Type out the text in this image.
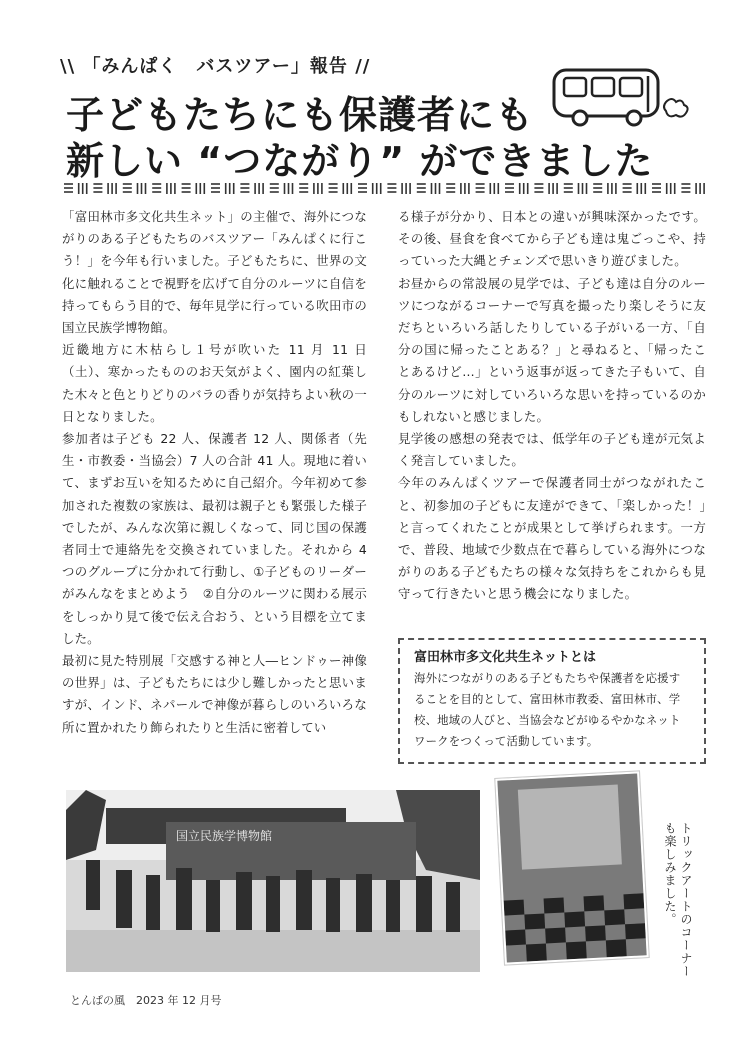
\\ 「みんぱく　バスツアー」報告 //
子どもたちにも保護者にも
新しい “つながり” ができました

「富田林市多文化共生ネット」の主催で、海外につながりのある子どもたちのバスツアー「みんぱくに行こう！」を今年も行いました。子どもたちに、世界の文化に触れることで視野を広げて自分のルーツに自信を持ってもらう目的で、毎年見学に行っている吹田市の国立民族学博物館。

近畿地方に木枯らし１号が吹いた 11 月 11 日（土）、寒かったもののお天気がよく、園内の紅葉した木々と色とりどりのバラの香りが気持ちよい秋の一日となりました。

参加者は子ども 22 人、保護者 12 人、関係者（先生・市教委・当協会）7 人の合計 41 人。現地に着いて、まずお互いを知るために自己紹介。今年初めて参加された複数の家族は、最初は親子とも緊張した様子でしたが、みんな次第に親しくなって、同じ国の保護者同士で連絡先を交換されていました。それから 4 つのグループに分かれて行動し、①子どものリーダーがみんなをまとめよう　②自分のルーツに関わる展示をしっかり見て後で伝え合おう、という目標を立てました。

最初に見た特別展「交感する神と人―ヒンドゥー神像の世界」は、子どもたちには少し難しかったと思いますが、インド、ネパールで神像が暮らしのいろいろな所に置かれたり飾られたりと生活に密着してい

る様子が分かり、日本との違いが興味深かったです。その後、昼食を食べてから子ども達は鬼ごっこや、持っていった大縄とチェンズで思いきり遊びました。

お昼からの常設展の見学では、子ども達は自分のルーツにつながるコーナーで写真を撮ったり楽しそうに友だちといろいろ話したりしている子がいる一方、「自分の国に帰ったことある？」と尋ねると、「帰ったことあるけど…」という返事が返ってきた子もいて、自分のルーツに対していろいろな思いを持っているのかもしれないと感じました。

見学後の感想の発表では、低学年の子ども達が元気よく発言していました。

今年のみんぱくツアーで保護者同士がつながれたこと、初参加の子どもに友達ができて、「楽しかった！」と言ってくれたことが成果として挙げられます。一方で、普段、地域で少数点在で暮らしている海外につながりのある子どもたちの様々な気持ちをこれからも見守って行きたいと思う機会になりました。

富田林市多文化共生ネットとは
海外につながりのある子どもたちや保護者を応援することを目的として、富田林市教委、富田林市、学校、地域の人びと、当協会などがゆるやかなネットワークをつくって活動しています。
国立民族学博物館	トリックアートのコーナーも楽しみました。
とんぱの風　2023 年 12 月号
